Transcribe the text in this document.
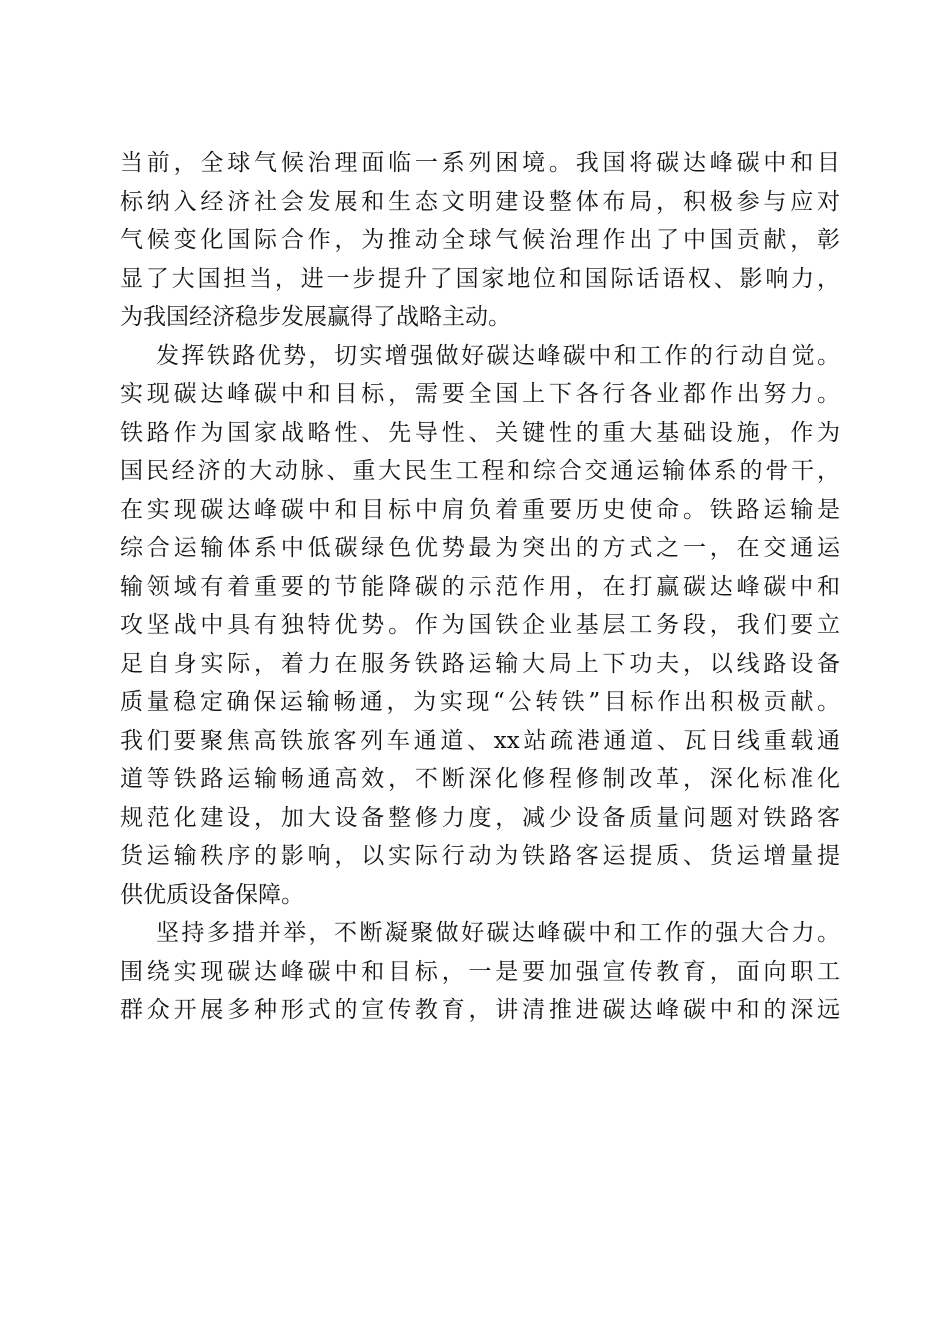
当前，全球气候治理面临一系列困境。我国将碳达峰碳中和目
标纳入经济社会发展和生态文明建设整体布局，积极参与应对
气候变化国际合作，为推动全球气候治理作出了中国贡献，彰
显了大国担当，进一步提升了国家地位和国际话语权、影响力，
为我国经济稳步发展赢得了战略主动。
发挥铁路优势，切实增强做好碳达峰碳中和工作的行动自觉。
实现碳达峰碳中和目标，需要全国上下各行各业都作出努力。
铁路作为国家战略性、先导性、关键性的重大基础设施，作为
国民经济的大动脉、重大民生工程和综合交通运输体系的骨干，
在实现碳达峰碳中和目标中肩负着重要历史使命。铁路运输是
综合运输体系中低碳绿色优势最为突出的方式之一，在交通运
输领域有着重要的节能降碳的示范作用，在打赢碳达峰碳中和
攻坚战中具有独特优势。作为国铁企业基层工务段，我们要立
足自身实际，着力在服务铁路运输大局上下功夫，以线路设备
质量稳定确保运输畅通，为实现“公转铁”目标作出积极贡献。
我们要聚焦高铁旅客列车通道、xx站疏港通道、瓦日线重载通
道等铁路运输畅通高效，不断深化修程修制改革，深化标准化
规范化建设，加大设备整修力度，减少设备质量问题对铁路客
货运输秩序的影响，以实际行动为铁路客运提质、货运增量提
供优质设备保障。
坚持多措并举，不断凝聚做好碳达峰碳中和工作的强大合力。
围绕实现碳达峰碳中和目标，一是要加强宣传教育，面向职工
群众开展多种形式的宣传教育，讲清推进碳达峰碳中和的深远
